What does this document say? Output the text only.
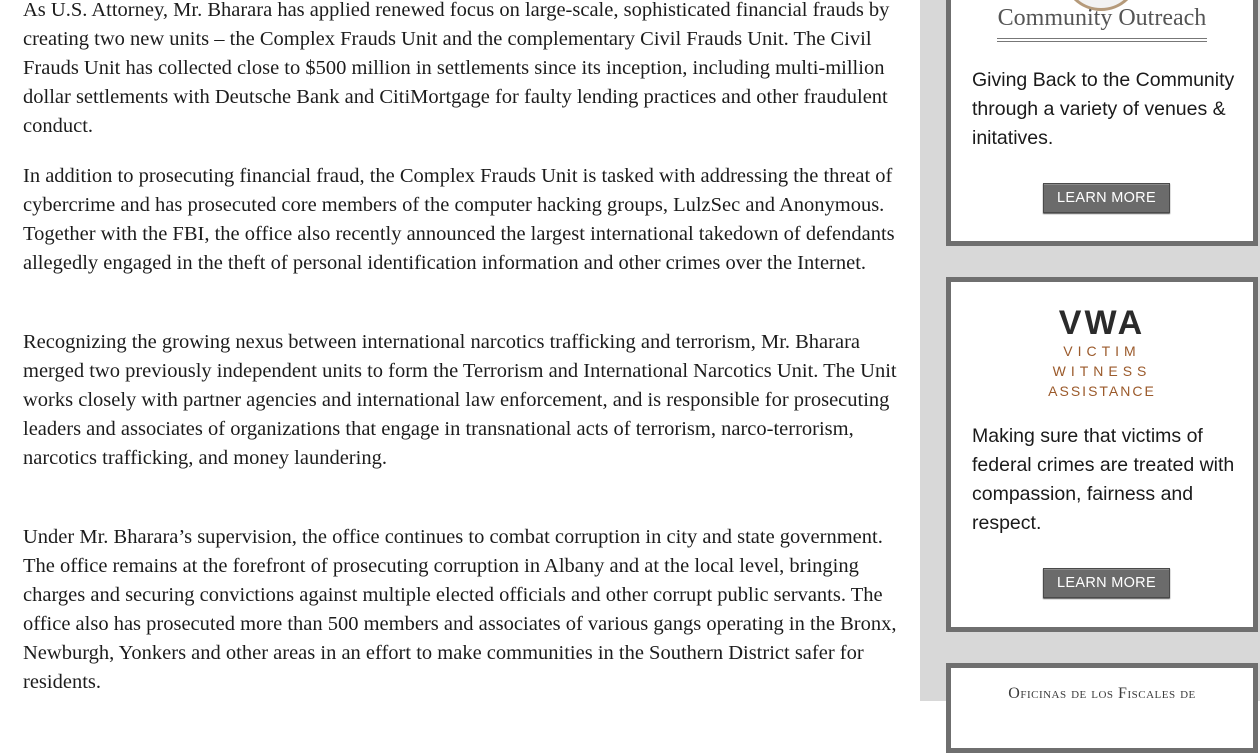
As U.S. Attorney, Mr. Bharara has applied renewed focus on large-scale, sophisticated financial frauds by creating two new units – the Complex Frauds Unit and the complementary Civil Frauds Unit. The Civil Frauds Unit has collected close to $500 million in settlements since its inception, including multi-million dollar settlements with Deutsche Bank and CitiMortgage for faulty lending practices and other fraudulent conduct.

In addition to prosecuting financial fraud, the Complex Frauds Unit is tasked with addressing the threat of cybercrime and has prosecuted core members of the computer hacking groups, LulzSec and Anonymous. Together with the FBI, the office also recently announced the largest international takedown of defendants allegedly engaged in the theft of personal identification information and other crimes over the Internet.

Recognizing the growing nexus between international narcotics trafficking and terrorism, Mr. Bharara merged two previously independent units to form the Terrorism and International Narcotics Unit. The Unit works closely with partner agencies and international law enforcement, and is responsible for prosecuting leaders and associates of organizations that engage in transnational acts of terrorism, narco-terrorism, narcotics trafficking, and money laundering.

Under Mr. Bharara’s supervision, the office continues to combat corruption in city and state government. The office remains at the forefront of prosecuting corruption in Albany and at the local level, bringing charges and securing convictions against multiple elected officials and other corrupt public servants. The office also has prosecuted more than 500 members and associates of various gangs operating in the Bronx, Newburgh, Yonkers and other areas in an effort to make communities in the Southern District safer for residents.

Community Outreach
Giving Back to the Community through a variety of venues & initatives.
LEARN MORE
VWA
VICTIM
WITNESS
ASSISTANCE
Making sure that victims of federal crimes are treated with compassion, fairness and respect.
LEARN MORE
Oficinas de los Fiscales de
